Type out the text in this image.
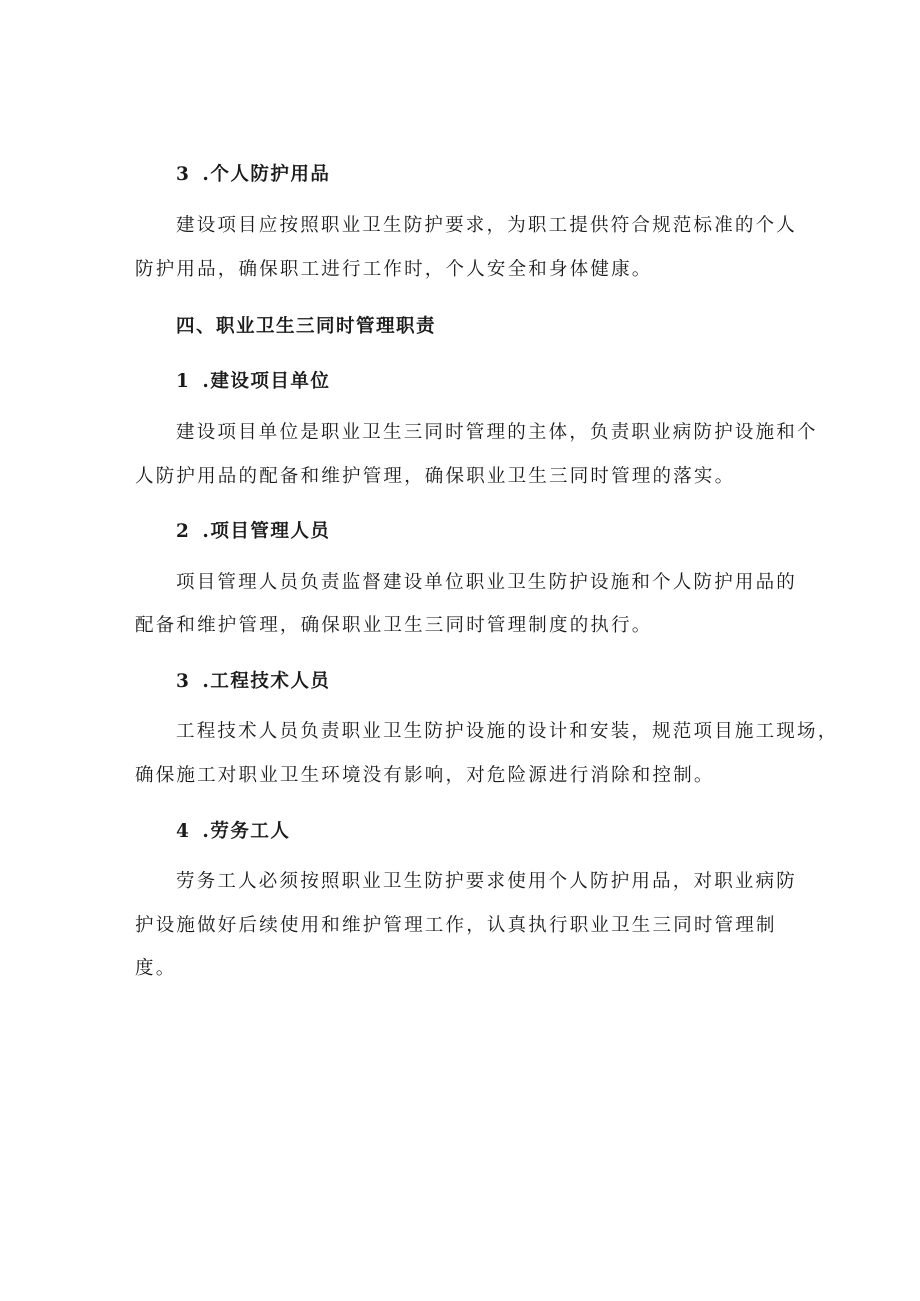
3 .个人防护用品
建设项目应按照职业卫生防护要求，为职工提供符合规范标准的个人
防护用品，确保职工进行工作时，个人安全和身体健康。
四、职业卫生三同时管理职责
1 .建设项目单位
建设项目单位是职业卫生三同时管理的主体，负责职业病防护设施和个
人防护用品的配备和维护管理，确保职业卫生三同时管理的落实。
2 .项目管理人员
项目管理人员负责监督建设单位职业卫生防护设施和个人防护用品的
配备和维护管理，确保职业卫生三同时管理制度的执行。
3 .工程技术人员
工程技术人员负责职业卫生防护设施的设计和安装，规范项目施工现场，
确保施工对职业卫生环境没有影响，对危险源进行消除和控制。
4 .劳务工人
劳务工人必须按照职业卫生防护要求使用个人防护用品，对职业病防
护设施做好后续使用和维护管理工作，认真执行职业卫生三同时管理制
度。
